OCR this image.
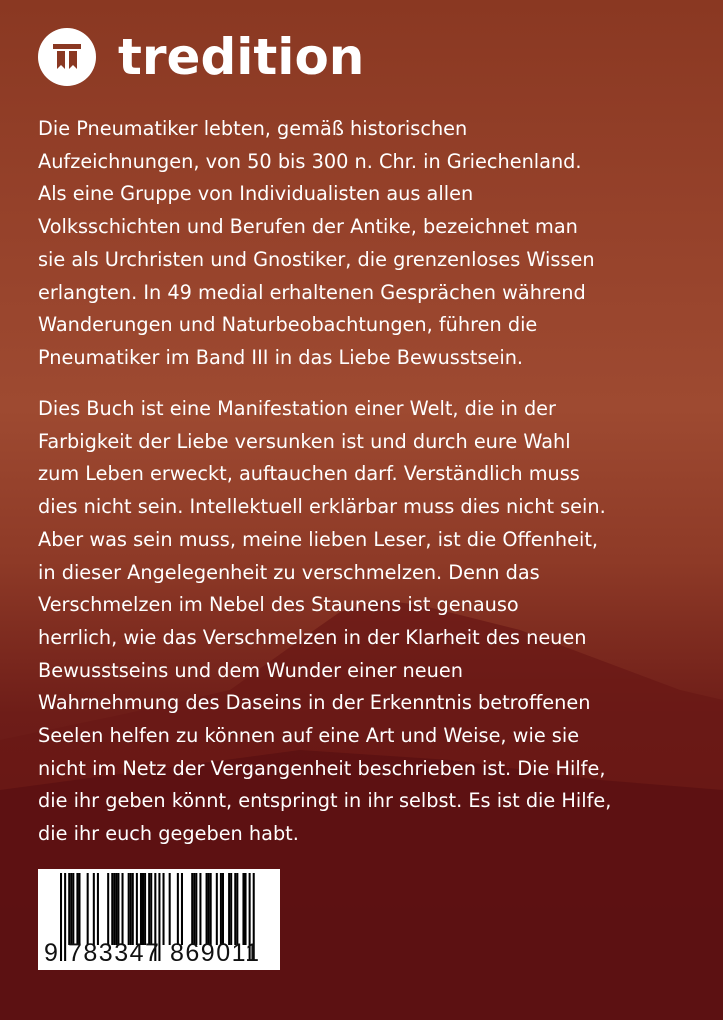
tredition
Die Pneumatiker lebten, gemäß historischen
Aufzeichnungen, von 50 bis 300 n. Chr. in Griechenland.
Als eine Gruppe von Individualisten aus allen
Volksschichten und Berufen der Antike, bezeichnet man
sie als Urchristen und Gnostiker, die grenzenloses Wissen
erlangten. In 49 medial erhaltenen Gesprächen während
Wanderungen und Naturbeobachtungen, führen die
Pneumatiker im Band III in das Liebe Bewusstsein.
Dies Buch ist eine Manifestation einer Welt, die in der
Farbigkeit der Liebe versunken ist und durch eure Wahl
zum Leben erweckt, auftauchen darf. Verständlich muss
dies nicht sein. Intellektuell erklärbar muss dies nicht sein.
Aber was sein muss, meine lieben Leser, ist die Offenheit,
in dieser Angelegenheit zu verschmelzen. Denn das
Verschmelzen im Nebel des Staunens ist genauso
herrlich, wie das Verschmelzen in der Klarheit des neuen
Bewusstseins und dem Wunder einer neuen
Wahrnehmung des Daseins in der Erkenntnis betroffenen
Seelen helfen zu können auf eine Art und Weise, wie sie
nicht im Netz der Vergangenheit beschrieben ist. Die Hilfe,
die ihr geben könnt, entspringt in ihr selbst. Es ist die Hilfe,
die ihr euch gegeben habt.
9 783347 869011
